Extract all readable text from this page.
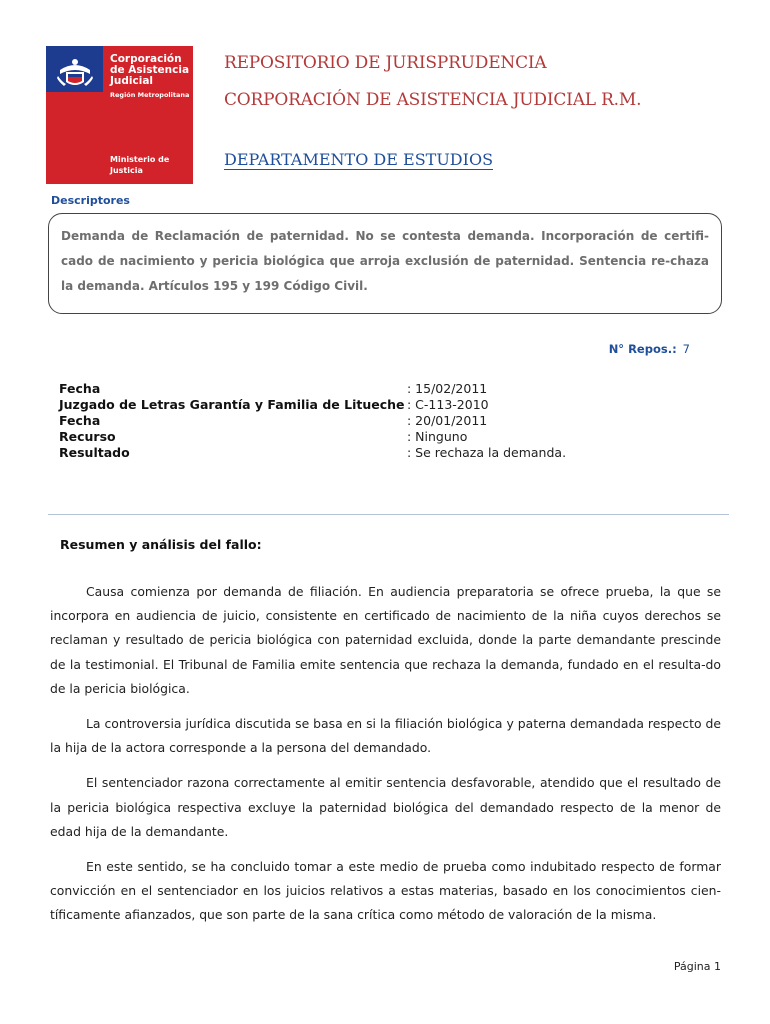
Corporación de Asistencia Judicial
Región Metropolitana
Ministerio de Justicia
REPOSITORIO DE JURISPRUDENCIA
CORPORACIÓN DE ASISTENCIA JUDICIAL R.M.
DEPARTAMENTO DE ESTUDIOS
Descriptores
Demanda de Reclamación de paternidad. No se contesta demanda. Incorporación de certifi-cado de nacimiento y pericia biológica que arroja exclusión de paternidad. Sentencia re-chaza la demanda. Artículos 195 y 199 Código Civil.
N° Repos.: 7
Fecha	: 15/02/2011
Juzgado de Letras Garantía y Familia de Litueche : C-113-2010
Fecha	: 20/01/2011
Recurso	: Ninguno
Resultado	: Se rechaza la demanda.
Resumen y análisis del fallo:

Causa comienza por demanda de filiación. En audiencia preparatoria se ofrece prueba, la que se incorpora en audiencia de juicio, consistente en certificado de nacimiento de la niña cuyos derechos se reclaman y resultado de pericia biológica con paternidad excluida, donde la parte demandante prescinde de la testimonial. El Tribunal de Familia emite sentencia que rechaza la demanda, fundado en el resulta-do de la pericia biológica.

La controversia jurídica discutida se basa en si la filiación biológica y paterna demandada respecto de la hija de la actora corresponde a la persona del demandado.

El sentenciador razona correctamente al emitir sentencia desfavorable, atendido que el resultado de la pericia biológica respectiva excluye la paternidad biológica del demandado respecto de la menor de edad hija de la demandante.

En este sentido, se ha concluido tomar a este medio de prueba como indubitado respecto de formar convicción en el sentenciador en los juicios relativos a estas materias, basado en los conocimientos cien-tíficamente afianzados, que son parte de la sana crítica como método de valoración de la misma.

Página 1
